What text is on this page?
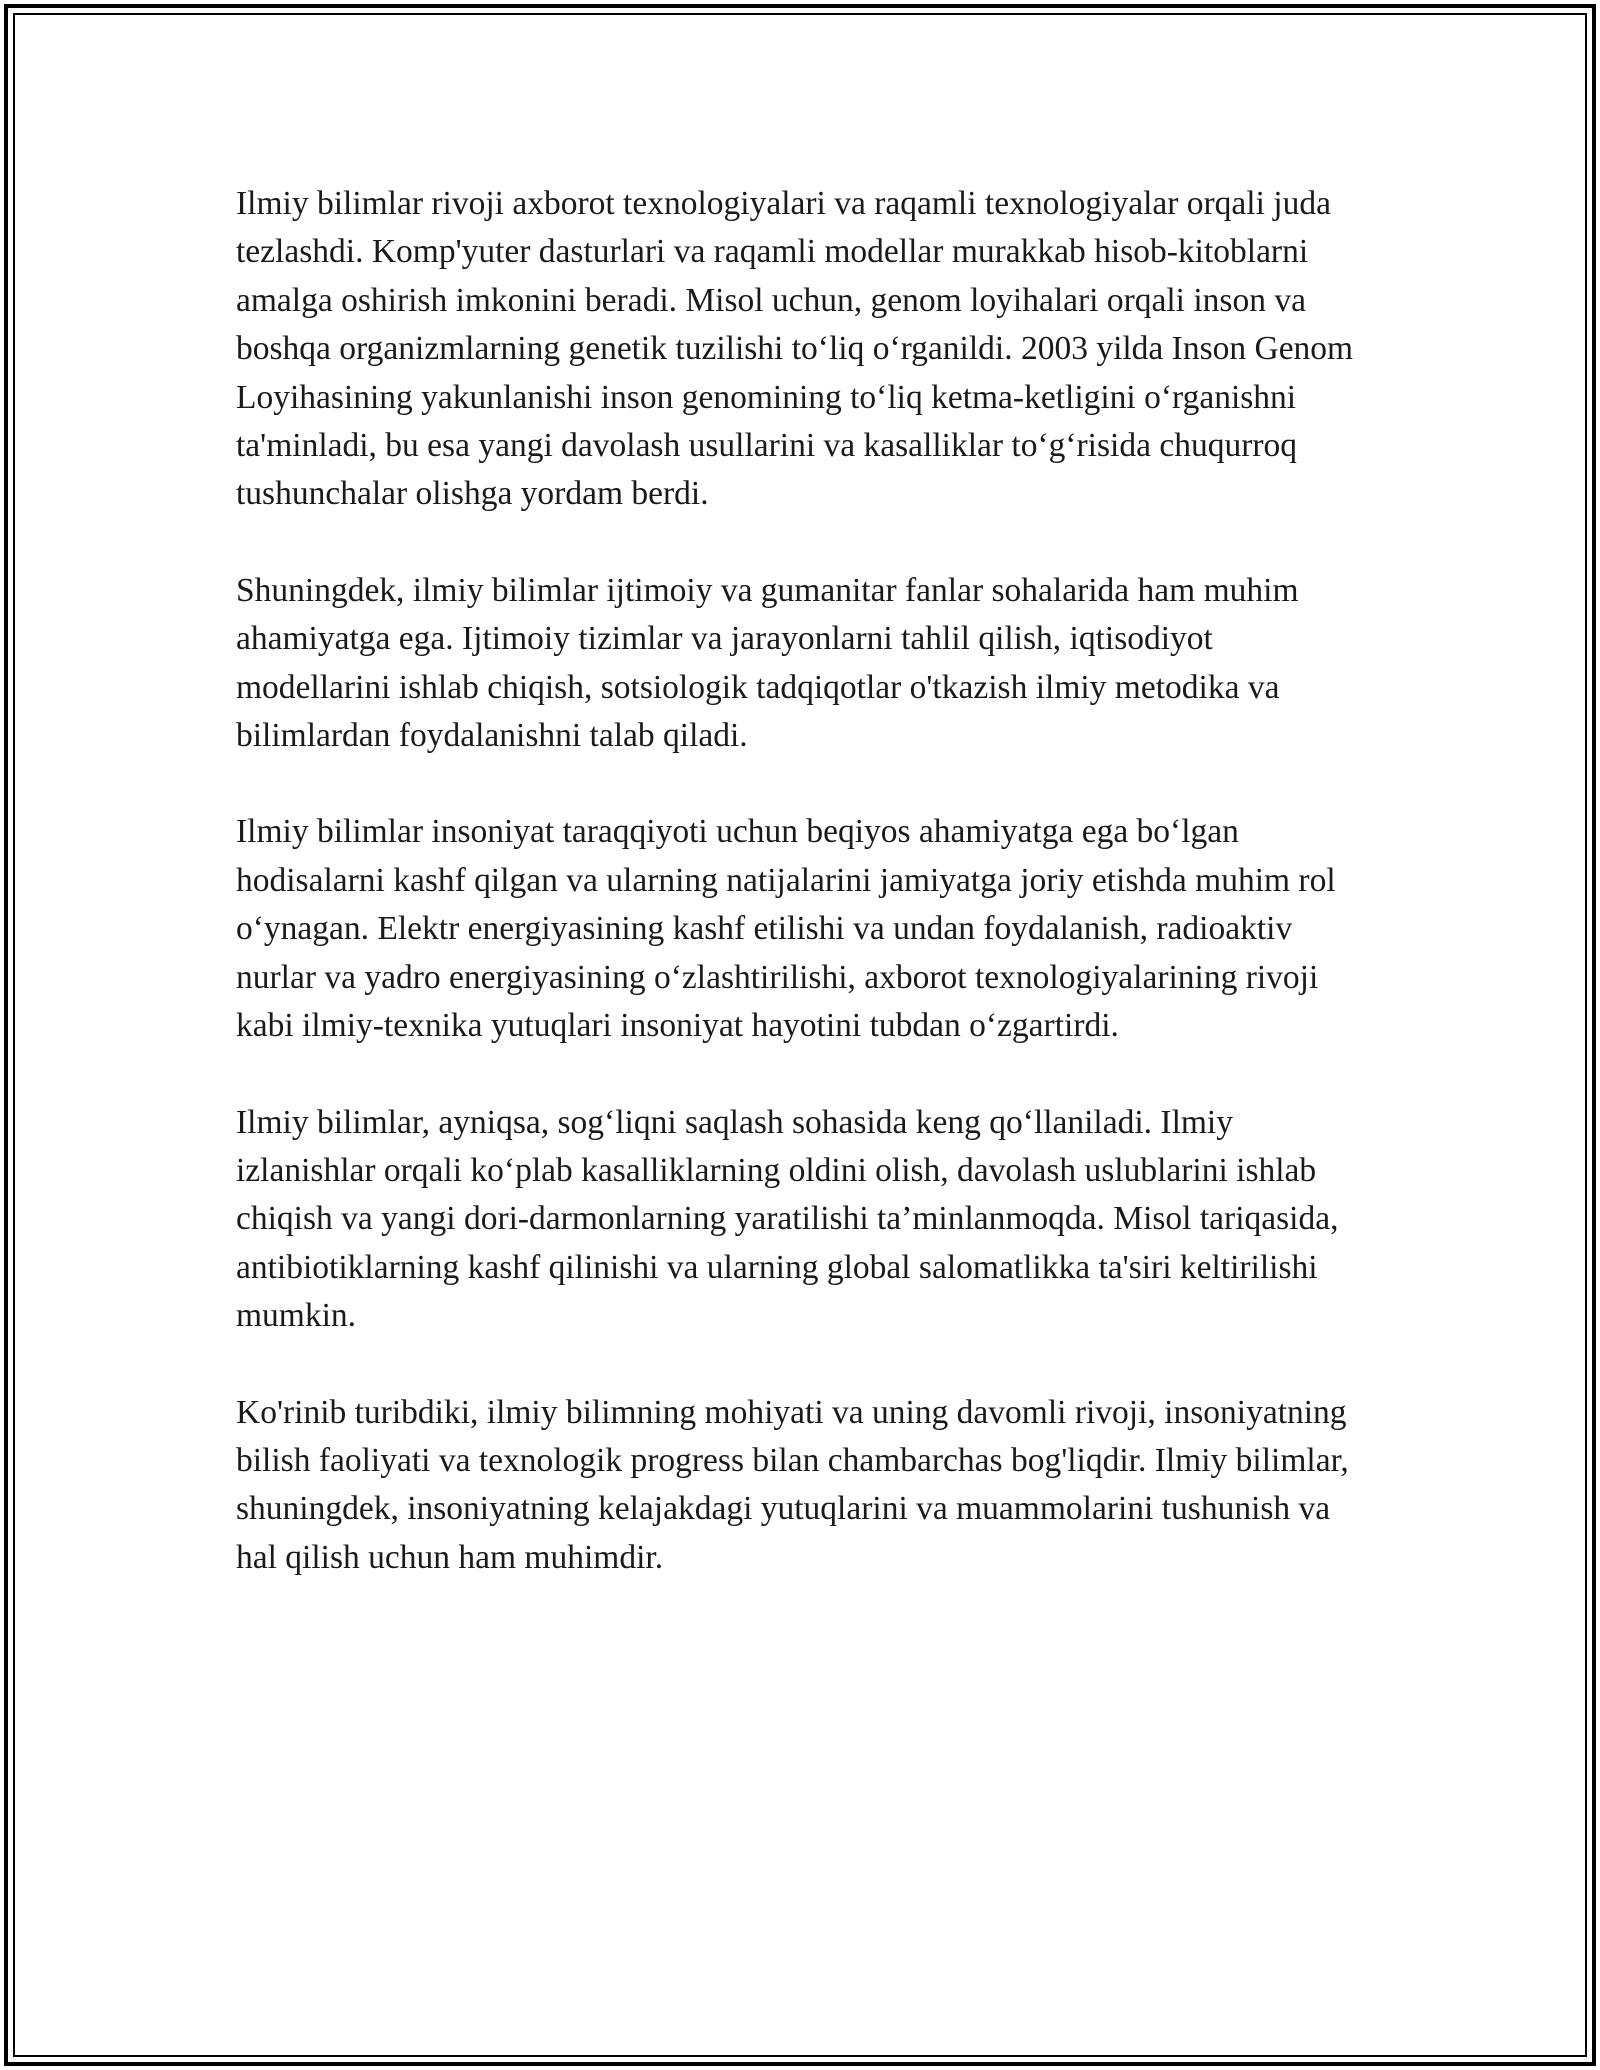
Ilmiy bilimlar rivoji axborot texnologiyalari va raqamli texnologiyalar orqali juda tezlashdi. Komp'yuter dasturlari va raqamli modellar murakkab hisob-kitoblarni amalga oshirish imkonini beradi. Misol uchun, genom loyihalari orqali inson va boshqa organizmlarning genetik tuzilishi to‘liq o‘rganildi. 2003 yilda Inson Genom Loyihasining yakunlanishi inson genomining to‘liq ketma-ketligini o‘rganishni ta'minladi, bu esa yangi davolash usullarini va kasalliklar to‘g‘risida chuqurroq tushunchalar olishga yordam berdi.

Shuningdek, ilmiy bilimlar ijtimoiy va gumanitar fanlar sohalarida ham muhim ahamiyatga ega. Ijtimoiy tizimlar va jarayonlarni tahlil qilish, iqtisodiyot modellarini ishlab chiqish, sotsiologik tadqiqotlar o'tkazish ilmiy metodika va bilimlardan foydalanishni talab qiladi.

Ilmiy bilimlar insoniyat taraqqiyoti uchun beqiyos ahamiyatga ega bo‘lgan hodisalarni kashf qilgan va ularning natijalarini jamiyatga joriy etishda muhim rol o‘ynagan. Elektr energiyasining kashf etilishi va undan foydalanish, radioaktiv nurlar va yadro energiyasining o‘zlashtirilishi, axborot texnologiyalarining rivoji kabi ilmiy-texnika yutuqlari insoniyat hayotini tubdan o‘zgartirdi.

Ilmiy bilimlar, ayniqsa, sog‘liqni saqlash sohasida keng qo‘llaniladi. Ilmiy izlanishlar orqali ko‘plab kasalliklarning oldini olish, davolash uslublarini ishlab chiqish va yangi dori-darmonlarning yaratilishi ta’minlanmoqda. Misol tariqasida, antibiotiklarning kashf qilinishi va ularning global salomatlikka ta'siri keltirilishi mumkin.

Ko'rinib turibdiki, ilmiy bilimning mohiyati va uning davomli rivoji, insoniyatning bilish faoliyati va texnologik progress bilan chambarchas bog'liqdir. Ilmiy bilimlar, shuningdek, insoniyatning kelajakdagi yutuqlarini va muammolarini tushunish va hal qilish uchun ham muhimdir.
